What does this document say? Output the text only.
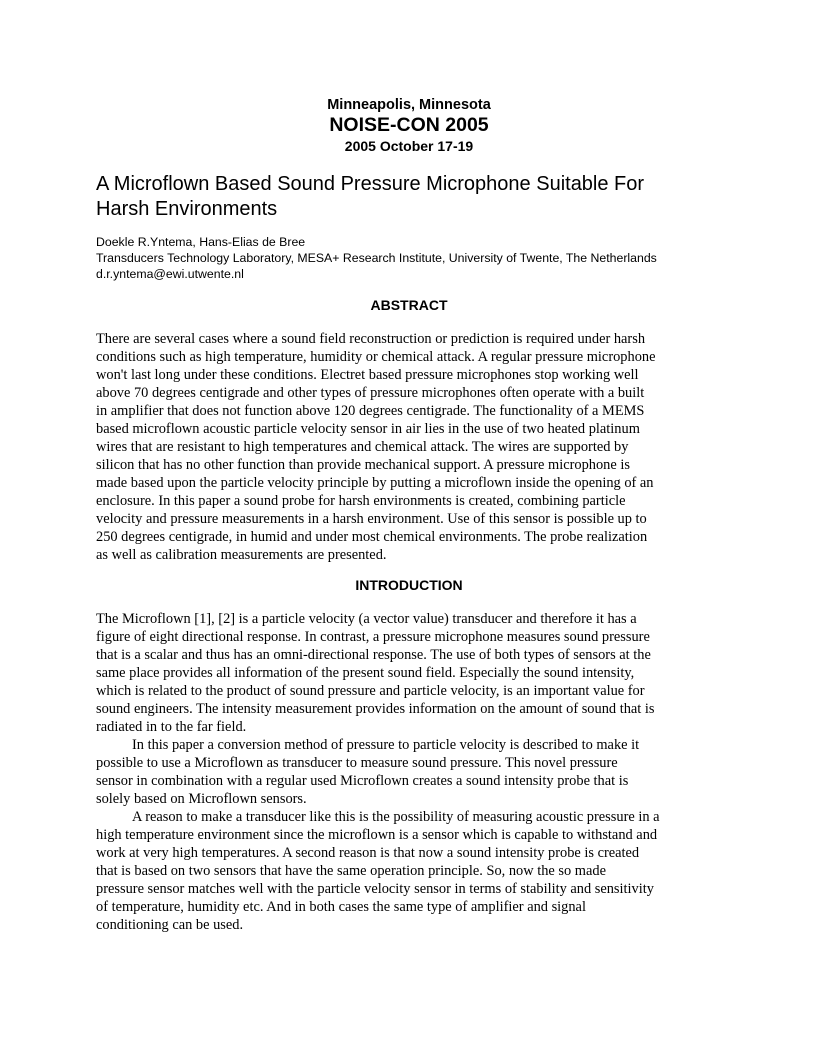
Minneapolis, Minnesota
NOISE-CON 2005
2005 October 17-19
A Microflown Based Sound Pressure Microphone Suitable For
Harsh Environments
Doekle R.Yntema, Hans-Elias de Bree
Transducers Technology Laboratory, MESA+ Research Institute, University of Twente, The Netherlands
d.r.yntema@ewi.utwente.nl
ABSTRACT

There are several cases where a sound field reconstruction or prediction is required under harsh
conditions such as high temperature, humidity or chemical attack. A regular pressure microphone
won't last long under these conditions. Electret based pressure microphones stop working well
above 70 degrees centigrade and other types of pressure microphones often operate with a built
in amplifier that does not function above 120 degrees centigrade. The functionality of a MEMS
based microflown acoustic particle velocity sensor in air lies in the use of two heated platinum
wires that are resistant to high temperatures and chemical attack. The wires are supported by
silicon that has no other function than provide mechanical support. A pressure microphone is
made based upon the particle velocity principle by putting a microflown inside the opening of an
enclosure. In this paper a sound probe for harsh environments is created, combining particle
velocity and pressure measurements in a harsh environment. Use of this sensor is possible up to
250 degrees centigrade, in humid and under most chemical environments. The probe realization
as well as calibration measurements are presented.

INTRODUCTION

The Microflown [1], [2] is a particle velocity (a vector value) transducer and therefore it has a
figure of eight directional response. In contrast, a pressure microphone measures sound pressure
that is a scalar and thus has an omni-directional response. The use of both types of sensors at the
same place provides all information of the present sound field. Especially the sound intensity,
which is related to the product of sound pressure and particle velocity, is an important value for
sound engineers. The intensity measurement provides information on the amount of sound that is
radiated in to the far field.

In this paper a conversion method of pressure to particle velocity is described to make it
possible to use a Microflown as transducer to measure sound pressure. This novel pressure
sensor in combination with a regular used Microflown creates a sound intensity probe that is
solely based on Microflown sensors.

A reason to make a transducer like this is the possibility of measuring acoustic pressure in a
high temperature environment since the microflown is a sensor which is capable to withstand and
work at very high temperatures. A second reason is that now a sound intensity probe is created
that is based on two sensors that have the same operation principle. So, now the so made
pressure sensor matches well with the particle velocity sensor in terms of stability and sensitivity
of temperature, humidity etc. And in both cases the same type of amplifier and signal
conditioning can be used.
